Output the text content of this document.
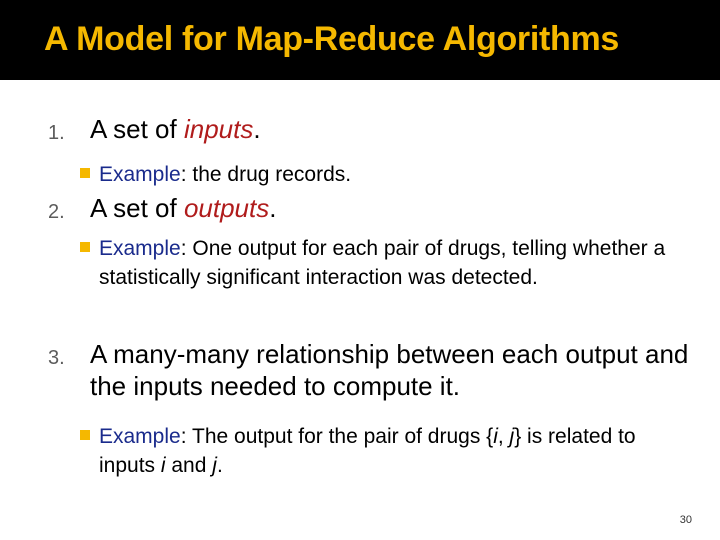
A Model for Map-Reduce Algorithms
1. A set of inputs.
Example: the drug records.
2. A set of outputs.
Example: One output for each pair of drugs, telling whether a statistically significant interaction was detected.
3. A many-many relationship between each output and the inputs needed to compute it.
Example: The output for the pair of drugs {i, j} is related to inputs i and j.
30
